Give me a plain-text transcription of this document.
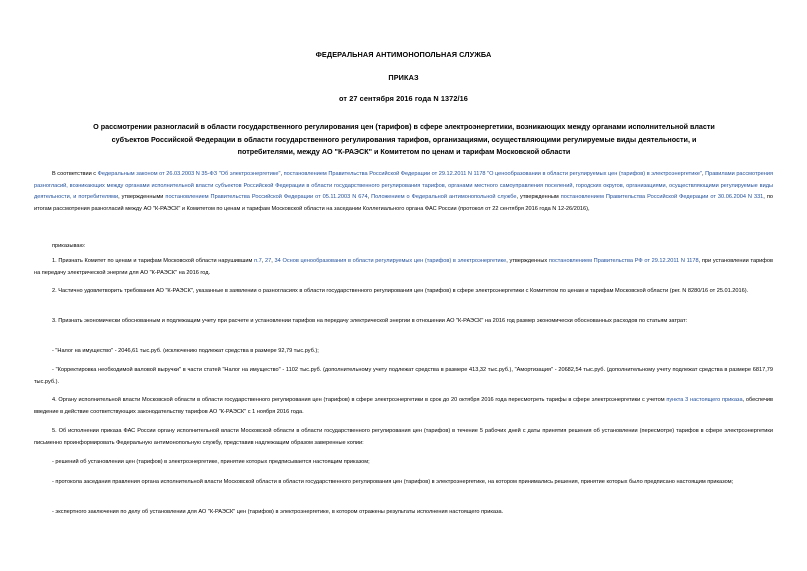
ФЕДЕРАЛЬНАЯ АНТИМОНОПОЛЬНАЯ СЛУЖБА
ПРИКАЗ
от 27 сентября 2016 года N 1372/16
О рассмотрении разногласий в области государственного регулирования цен (тарифов) в сфере электроэнергетики, возникающих между органами исполнительной власти субъектов Российской Федерации в области государственного регулирования тарифов, организациями, осуществляющими регулируемые виды деятельности, и потребителями, между АО "К-РАЭСК" и Комитетом по ценам и тарифам Московской области
В соответствии с Федеральным законом от 26.03.2003 N 35-ФЗ "Об электроэнергетике", постановлением Правительства Российской Федерации от 29.12.2011 N 1178 "О ценообразовании в области регулируемых цен (тарифов) в электроэнергетике", Правилами рассмотрения разногласий, возникающих между органами исполнительной власти субъектов Российской Федерации в области государственного регулирования тарифов, органами местного самоуправления поселений, городских округов, организациями, осуществляющими регулируемые виды деятельности, и потребителями, утвержденными постановлением Правительства Российской Федерации от 05.11.2003 N 674, Положением о Федеральной антимонопольной службе, утвержденным постановлением Правительства Российской Федерации от 30.06.2004 N 331, по итогам рассмотрения разногласий между АО "К-РАЭСК" и Комитетом по ценам и тарифам Московской области на заседании Коллегиального органа ФАС России (протокол от 22 сентября 2016 года N 12-26/2016),
приказываю:
1. Признать Комитет по ценам и тарифам Московской области нарушившим п.7, 27, 34 Основ ценообразования в области регулируемых цен (тарифов) в электроэнергетике, утвержденных постановлением Правительства РФ от 29.12.2011 N 1178, при установлении тарифов на передачу электрической энергии для АО "К-РАЭСК" на 2016 год.
2. Частично удовлетворить требования АО "К-РАЭСК", указанные в заявлении о разногласиях в области государственного регулирования цен (тарифов) в сфере электроэнергетики с Комитетом по ценам и тарифам Московской области (рег. N 8280/16 от 25.01.2016).
3. Признать экономически обоснованным и подлежащим учету при расчете и установлении тарифов на передачу электрической энергии в отношении АО "К-РАЭСК" на 2016 год размер экономически обоснованных расходов по статьям затрат:
- "Налог на имущество" - 2046,61 тыс.руб. (исключению подлежат средства в размере 92,79 тыс.руб.);
- "Корректировка необходимой валовой выручки" в части статей "Налог на имущество" - 1102 тыс.руб. (дополнительному учету подлежат средства в размере 413,32 тыс.руб.), "Амортизация" - 20682,54 тыс.руб. (дополнительному учету подлежат средства в размере 6817,79 тыс.руб.).
4. Органу исполнительной власти Московской области в области государственного регулирования цен (тарифов) в сфере электроэнергетики в срок до 20 октября 2016 года пересмотреть тарифы в сфере электроэнергетики с учетом пункта 3 настоящего приказа, обеспечив введение в действие соответствующих законодательству тарифов АО "К-РАЭСК" с 1 ноября 2016 года.
5. Об исполнении приказа ФАС России органу исполнительной власти Московской области в области государственного регулирования цен (тарифов) в течение 5 рабочих дней с даты принятия решения об установлении (пересмотре) тарифов в сфере электроэнергетики письменно проинформировать Федеральную антимонопольную службу, представив надлежащим образом заверенные копии:
- решений об установлении цен (тарифов) в электроэнергетике, принятие которых предписывается настоящим приказом;
- протокола заседания правления органа исполнительной власти Московской области в области государственного регулирования цен (тарифов) в электроэнергетике, на котором принимались решения, принятие которых было предписано настоящим приказом;
- экспертного заключения по делу об установлении для АО "К-РАЭСК" цен (тарифов) в электроэнергетике, в котором отражены результаты исполнения настоящего приказа.
